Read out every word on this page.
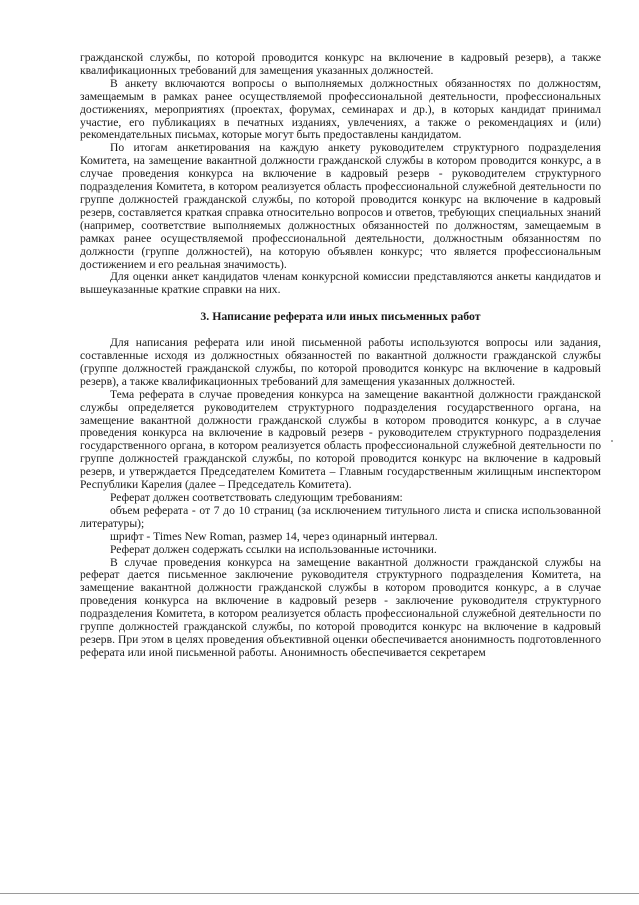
гражданской службы, по которой проводится конкурс на включение в кадровый резерв), а также квалификационных требований для замещения указанных должностей.

В анкету включаются вопросы о выполняемых должностных обязанностях по должностям, замещаемым в рамках ранее осуществляемой профессиональной деятельности, профессиональных достижениях, мероприятиях (проектах, форумах, семинарах и др.), в которых кандидат принимал участие, его публикациях в печатных изданиях, увлечениях, а также о рекомендациях и (или) рекомендательных письмах, которые могут быть предоставлены кандидатом.

По итогам анкетирования на каждую анкету руководителем структурного подразделения Комитета, на замещение вакантной должности гражданской службы в котором проводится конкурс, а в случае проведения конкурса на включение в кадровый резерв - руководителем структурного подразделения Комитета, в котором реализуется область профессиональной служебной деятельности по группе должностей гражданской службы, по которой проводится конкурс на включение в кадровый резерв, составляется краткая справка относительно вопросов и ответов, требующих специальных знаний (например, соответствие выполняемых должностных обязанностей по должностям, замещаемым в рамках ранее осуществляемой профессиональной деятельности, должностным обязанностям по должности (группе должностей), на которую объявлен конкурс; что является профессиональным достижением и его реальная значимость).

Для оценки анкет кандидатов членам конкурсной комиссии представляются анкеты кандидатов и вышеуказанные краткие справки на них.

3. Написание реферата или иных письменных работ

Для написания реферата или иной письменной работы используются вопросы или задания, составленные исходя из должностных обязанностей по вакантной должности гражданской службы (группе должностей гражданской службы, по которой проводится конкурс на включение в кадровый резерв), а также квалификационных требований для замещения указанных должностей.

Тема реферата в случае проведения конкурса на замещение вакантной должности гражданской службы определяется руководителем структурного подразделения государственного органа, на замещение вакантной должности гражданской службы в котором проводится конкурс, а в случае проведения конкурса на включение в кадровый резерв - руководителем структурного подразделения государственного органа, в котором реализуется область профессиональной служебной деятельности по группе должностей гражданской службы, по которой проводится конкурс на включение в кадровый резерв, и утверждается Председателем Комитета – Главным государственным жилищным инспектором Республики Карелия (далее – Председатель Комитета).

Реферат должен соответствовать следующим требованиям:

объем реферата - от 7 до 10 страниц (за исключением титульного листа и списка использованной литературы);

шрифт - Times New Roman, размер 14, через одинарный интервал.

Реферат должен содержать ссылки на использованные источники.

В случае проведения конкурса на замещение вакантной должности гражданской службы на реферат дается письменное заключение руководителя структурного подразделения Комитета, на замещение вакантной должности гражданской службы в котором проводится конкурс, а в случае проведения конкурса на включение в кадровый резерв - заключение руководителя структурного подразделения Комитета, в котором реализуется область профессиональной служебной деятельности по группе должностей гражданской службы, по которой проводится конкурс на включение в кадровый резерв. При этом в целях проведения объективной оценки обеспечивается анонимность подготовленного реферата или иной письменной работы. Анонимность обеспечивается секретарем
